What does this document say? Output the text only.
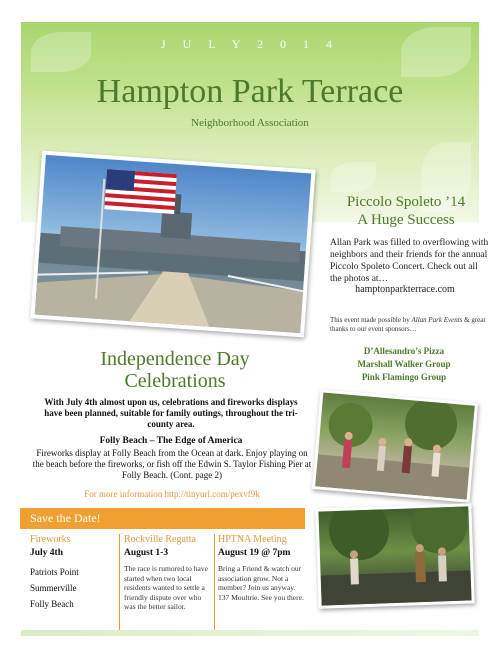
J U L Y 2 0 1 4
Hampton Park Terrace
Neighborhood Association
Piccolo Spoleto ’14
A Huge Success
Allan Park was filled to overflowing with neighbors and their friends for the annual Piccolo Spoleto Concert. Check out all the photos at…
hamptonparkterrace.com
This event made possible by Allan Park Events & great thanks to our event sponsors…
D’Allesandro’s Pizza
Marshall Walker Group
Pink Flamingo Group
Independence Day
Celebrations
With July 4th almost upon us, celebrations and fireworks displays have been planned, suitable for family outings, throughout the tri-county area.
Folly Beach – The Edge of America
Fireworks display at Folly Beach from the Ocean at dark. Enjoy playing on the beach before the fireworks, or fish off the Edwin S. Taylor Fishing Pier at Folly Beach. (Cont. page 2)
For more information http://tinyurl.com/pexvf9k
Save the Date!
Fireworks
July 4th
Patriots Point
Summerville
Folly Beach
Rockville Regatta
August 1-3
The race is rumored to have started when two local residents wanted to settle a friendly dispute over who was the better sailor.
HPTNA Meeting
August 19 @ 7pm
Bring a Friend & watch our association grow. Not a member? Join us anyway. 137 Moultrie. See you there.
